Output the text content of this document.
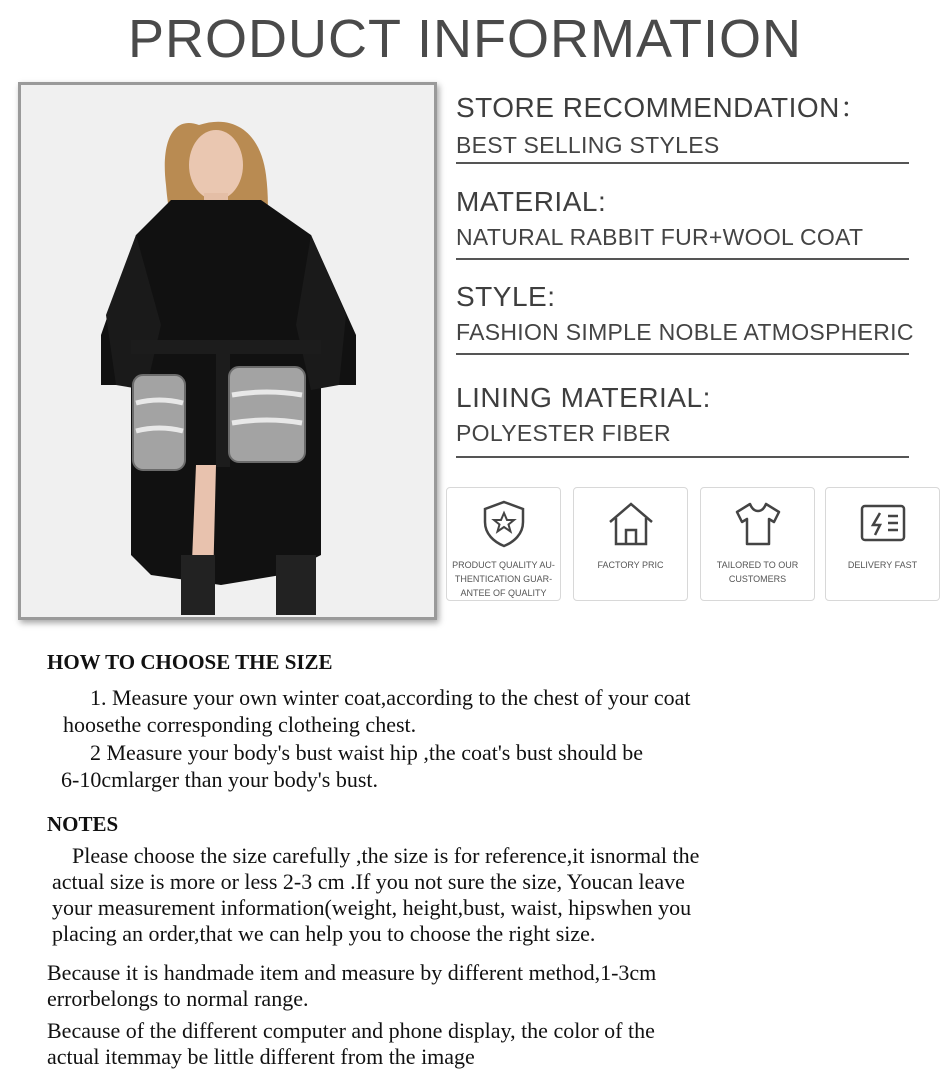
PRODUCT INFORMATION
STORE RECOMMENDATION：
BEST SELLING STYLES
MATERIAL:
NATURAL RABBIT FUR+WOOL COAT
STYLE:
FASHION SIMPLE NOBLE ATMOSPHERIC
LINING MATERIAL:
POLYESTER FIBER
PRODUCT QUALITY AU-
THENTICATION GUAR-
ANTEE OF QUALITY
FACTORY PRIC	TAILORED TO OUR
CUSTOMERS
DELIVERY FAST
HOW TO CHOOSE THE SIZE
1. Measure your own winter coat,according to the chest of your coat
hoosethe corresponding clotheing chest.
2 Measure your body's bust waist hip ,the coat's bust should be
6-10cmlarger than your body's bust.
NOTES
Please choose the size carefully ,the size is for reference,it isnormal the
actual size is more or less 2-3 cm .If you not sure the size, Youcan leave
your measurement information(weight, height,bust, waist, hipswhen you
placing an order,that we can help you to choose the right size.
Because it is handmade item and measure by different method,1-3cm
errorbelongs to normal range.
Because of the different computer and phone display, the color of the
actual itemmay be little different from the image
